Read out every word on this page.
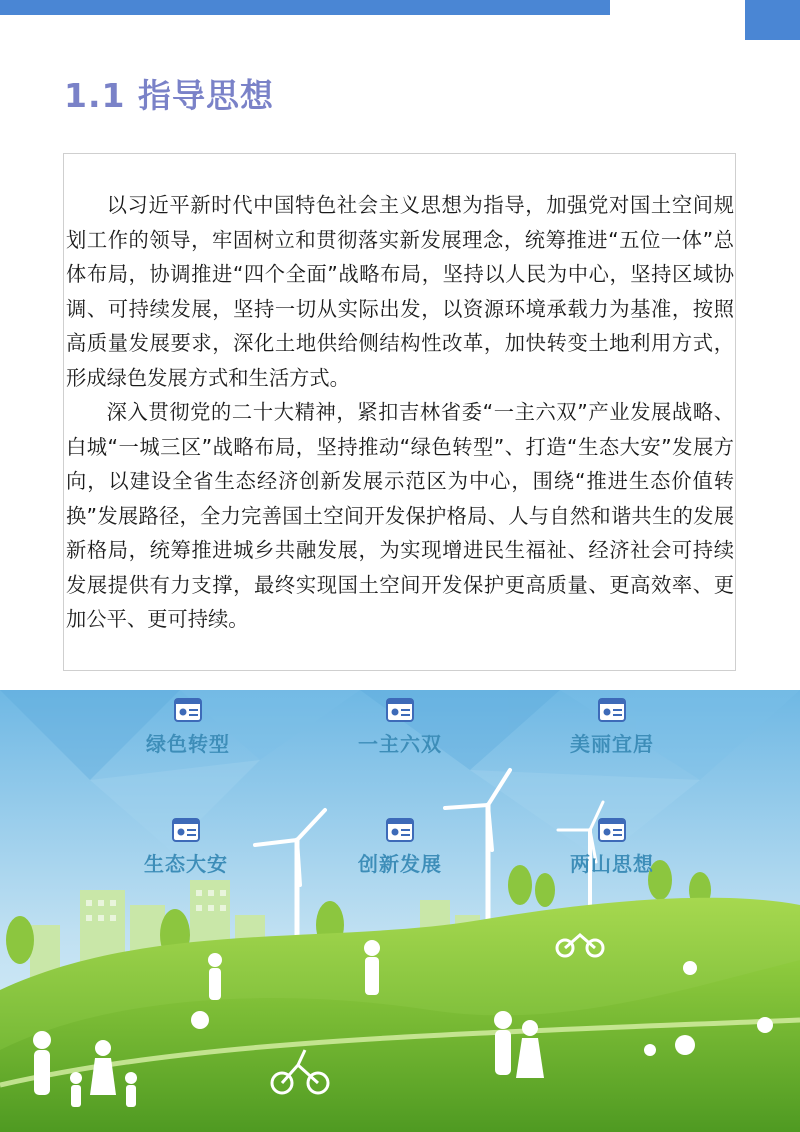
1.1 指导思想

以习近平新时代中国特色社会主义思想为指导，加强党对国土空间规划工作的领导，牢固树立和贯彻落实新发展理念，统筹推进“五位一体”总体布局，协调推进“四个全面”战略布局，坚持以人民为中心，坚持区域协调、可持续发展，坚持一切从实际出发，以资源环境承载力为基准，按照高质量发展要求，深化土地供给侧结构性改革，加快转变土地利用方式，形成绿色发展方式和生活方式。

深入贯彻党的二十大精神，紧扣吉林省委“一主六双”产业发展战略、白城“一城三区”战略布局，坚持推动“绿色转型”、打造“生态大安”发展方向，以建设全省生态经济创新发展示范区为中心，围绕“推进生态价值转换”发展路径，全力完善国土空间开发保护格局、人与自然和谐共生的发展新格局，统筹推进城乡共融发展，为实现增进民生福祉、经济社会可持续发展提供有力支撑，最终实现国土空间开发保护更高质量、更高效率、更加公平、更可持续。

绿色转型	一主六双	美丽宜居
生态大安	创新发展	两山思想
